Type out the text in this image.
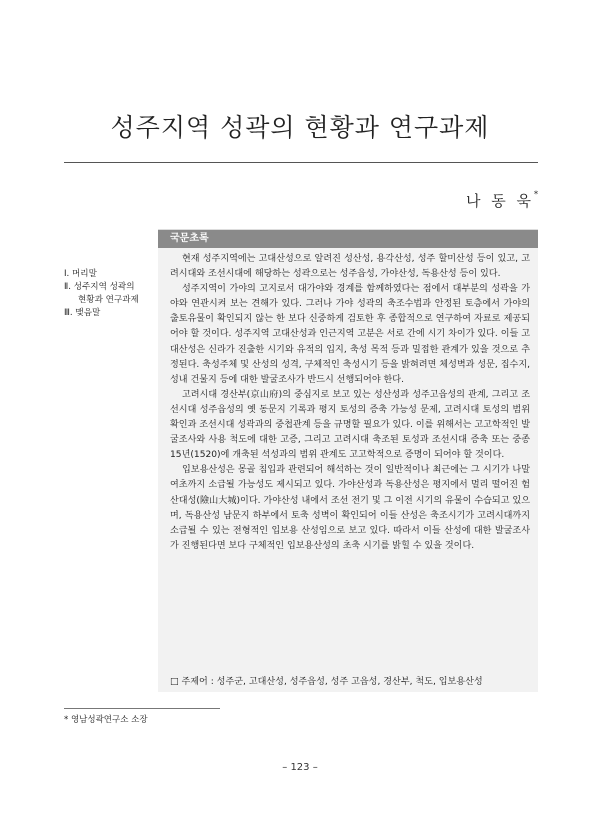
성주지역 성곽의 현황과 연구과제
나 동 욱*
Ⅰ. 머리말
Ⅱ. 성주지역 성곽의
현황과 연구과제
Ⅲ. 맺음말
국문초록

현재 성주지역에는 고대산성으로 알려진 성산성, 용각산성, 성주 할미산성 등이 있고, 고려시대와 조선시대에 해당하는 성곽으로는 성주읍성, 가야산성, 독용산성 등이 있다.

성주지역이 가야의 고지로서 대가야와 경계를 함께하였다는 점에서 대부분의 성곽을 가야와 연관시켜 보는 견해가 있다. 그러나 가야 성곽의 축조수법과 안정된 토층에서 가야의 출토유물이 확인되지 않는 한 보다 신중하게 검토한 후 종합적으로 연구하여 자료로 제공되어야 할 것이다. 성주지역 고대산성과 인근지역 고분은 서로 간에 시기 차이가 있다. 이들 고대산성은 신라가 진출한 시기와 유적의 입지, 축성 목적 등과 밀접한 관계가 있을 것으로 추정된다. 축성주체 및 산성의 성격, 구체적인 축성시기 등을 밝혀려면 체성벽과 성문, 집수지, 성내 건물지 등에 대한 발굴조사가 반드시 선행되어야 한다.

고려시대 경산부(京山府)의 중심지로 보고 있는 성산성과 성주고읍성의 관계, 그리고 조선시대 성주읍성의 옛 동문지 기록과 평지 토성의 증축 가능성 문제, 고려시대 토성의 범위 확인과 조선시대 성곽과의 중첩관계 등을 규명할 필요가 있다. 이를 위해서는 고고학적인 발굴조사와 사용 척도에 대한 고증, 그리고 고려시대 축조된 토성과 조선시대 증축 또는 중종 15년(1520)에 개축된 석성과의 범위 관계도 고고학적으로 증명이 되어야 할 것이다.

입보용산성은 몽골 침입과 관련되어 해석하는 것이 일반적이나 최근에는 그 시기가 나말여초까지 소급될 가능성도 제시되고 있다. 가야산성과 독용산성은 평지에서 멀리 떨어진 험산대성(險山大城)이다. 가야산성 내에서 조선 전기 및 그 이전 시기의 유물이 수습되고 있으며, 독용산성 남문지 하부에서 토축 성벽이 확인되어 이들 산성은 축조시기가 고려시대까지 소급될 수 있는 전형적인 입보용 산성임으로 보고 있다. 따라서 이들 산성에 대한 발굴조사가 진행된다면 보다 구체적인 입보용산성의 초축 시기를 밝힐 수 있을 것이다.

□ 주제어 : 성주군, 고대산성, 성주읍성, 성주 고읍성, 경산부, 척도, 입보용산성
* 영남성곽연구소 소장
– 123 –
